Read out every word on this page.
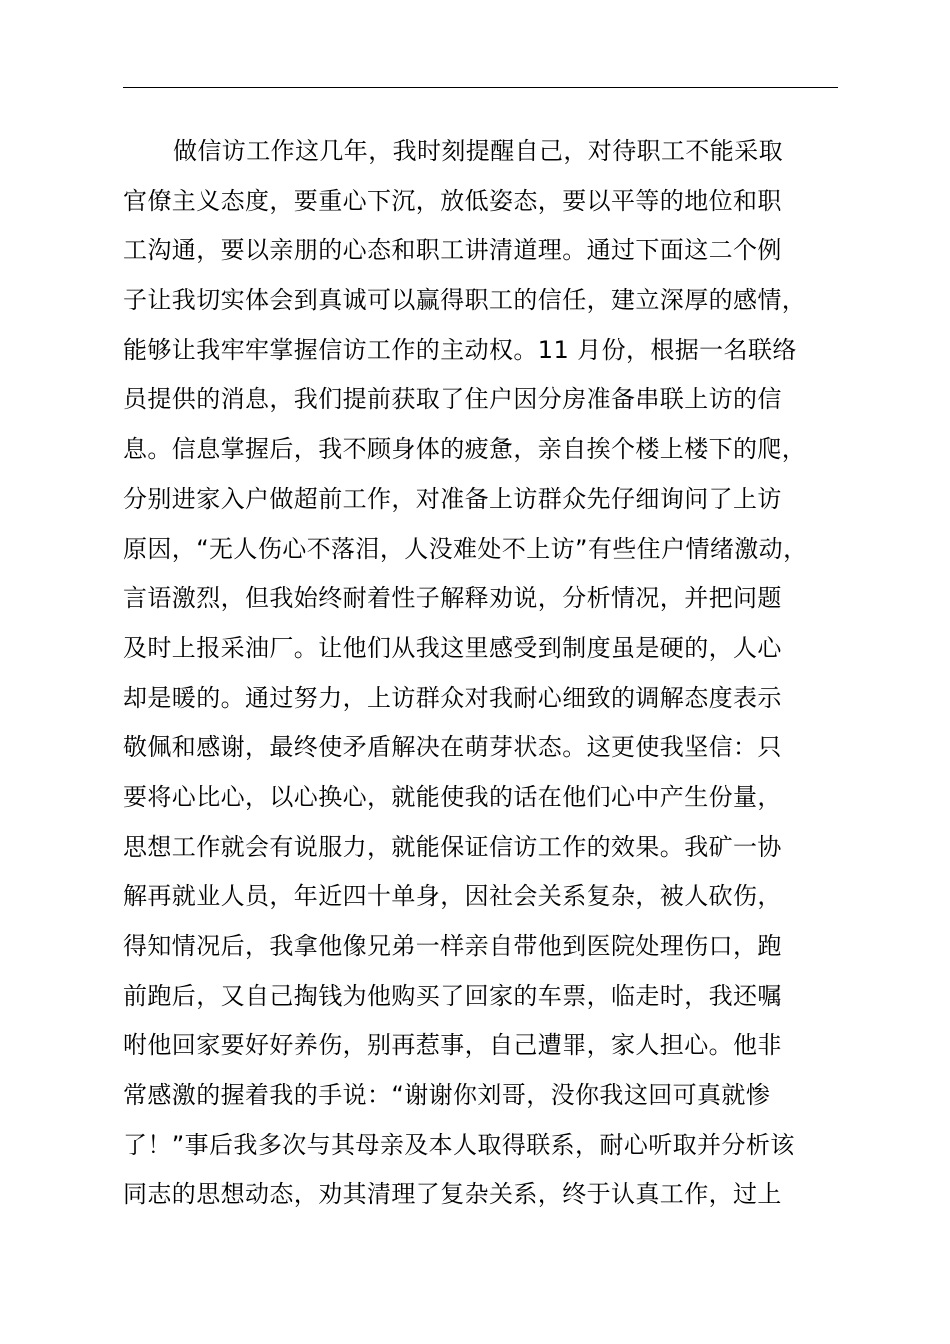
做信访工作这几年，我时刻提醒自己，对待职工不能采取
官僚主义态度，要重心下沉，放低姿态，要以平等的地位和职
工沟通，要以亲朋的心态和职工讲清道理。通过下面这二个例
子让我切实体会到真诚可以赢得职工的信任，建立深厚的感情，
能够让我牢牢掌握信访工作的主动权。11 月份，根据一名联络
员提供的消息，我们提前获取了住户因分房准备串联上访的信
息。信息掌握后，我不顾身体的疲惫，亲自挨个楼上楼下的爬，
分别进家入户做超前工作，对准备上访群众先仔细询问了上访
原因，“无人伤心不落泪，人没难处不上访”有些住户情绪激动，
言语激烈，但我始终耐着性子解释劝说，分析情况，并把问题
及时上报采油厂。让他们从我这里感受到制度虽是硬的，人心
却是暖的。通过努力，上访群众对我耐心细致的调解态度表示
敬佩和感谢，最终使矛盾解决在萌芽状态。这更使我坚信：只
要将心比心，以心换心，就能使我的话在他们心中产生份量，
思想工作就会有说服力，就能保证信访工作的效果。我矿一协
解再就业人员，年近四十单身，因社会关系复杂，被人砍伤，
得知情况后，我拿他像兄弟一样亲自带他到医院处理伤口，跑
前跑后，又自己掏钱为他购买了回家的车票，临走时，我还嘱
咐他回家要好好养伤，别再惹事，自己遭罪，家人担心。他非
常感激的握着我的手说：“谢谢你刘哥，没你我这回可真就惨
了！”事后我多次与其母亲及本人取得联系，耐心听取并分析该
同志的思想动态，劝其清理了复杂关系，终于认真工作，过上
